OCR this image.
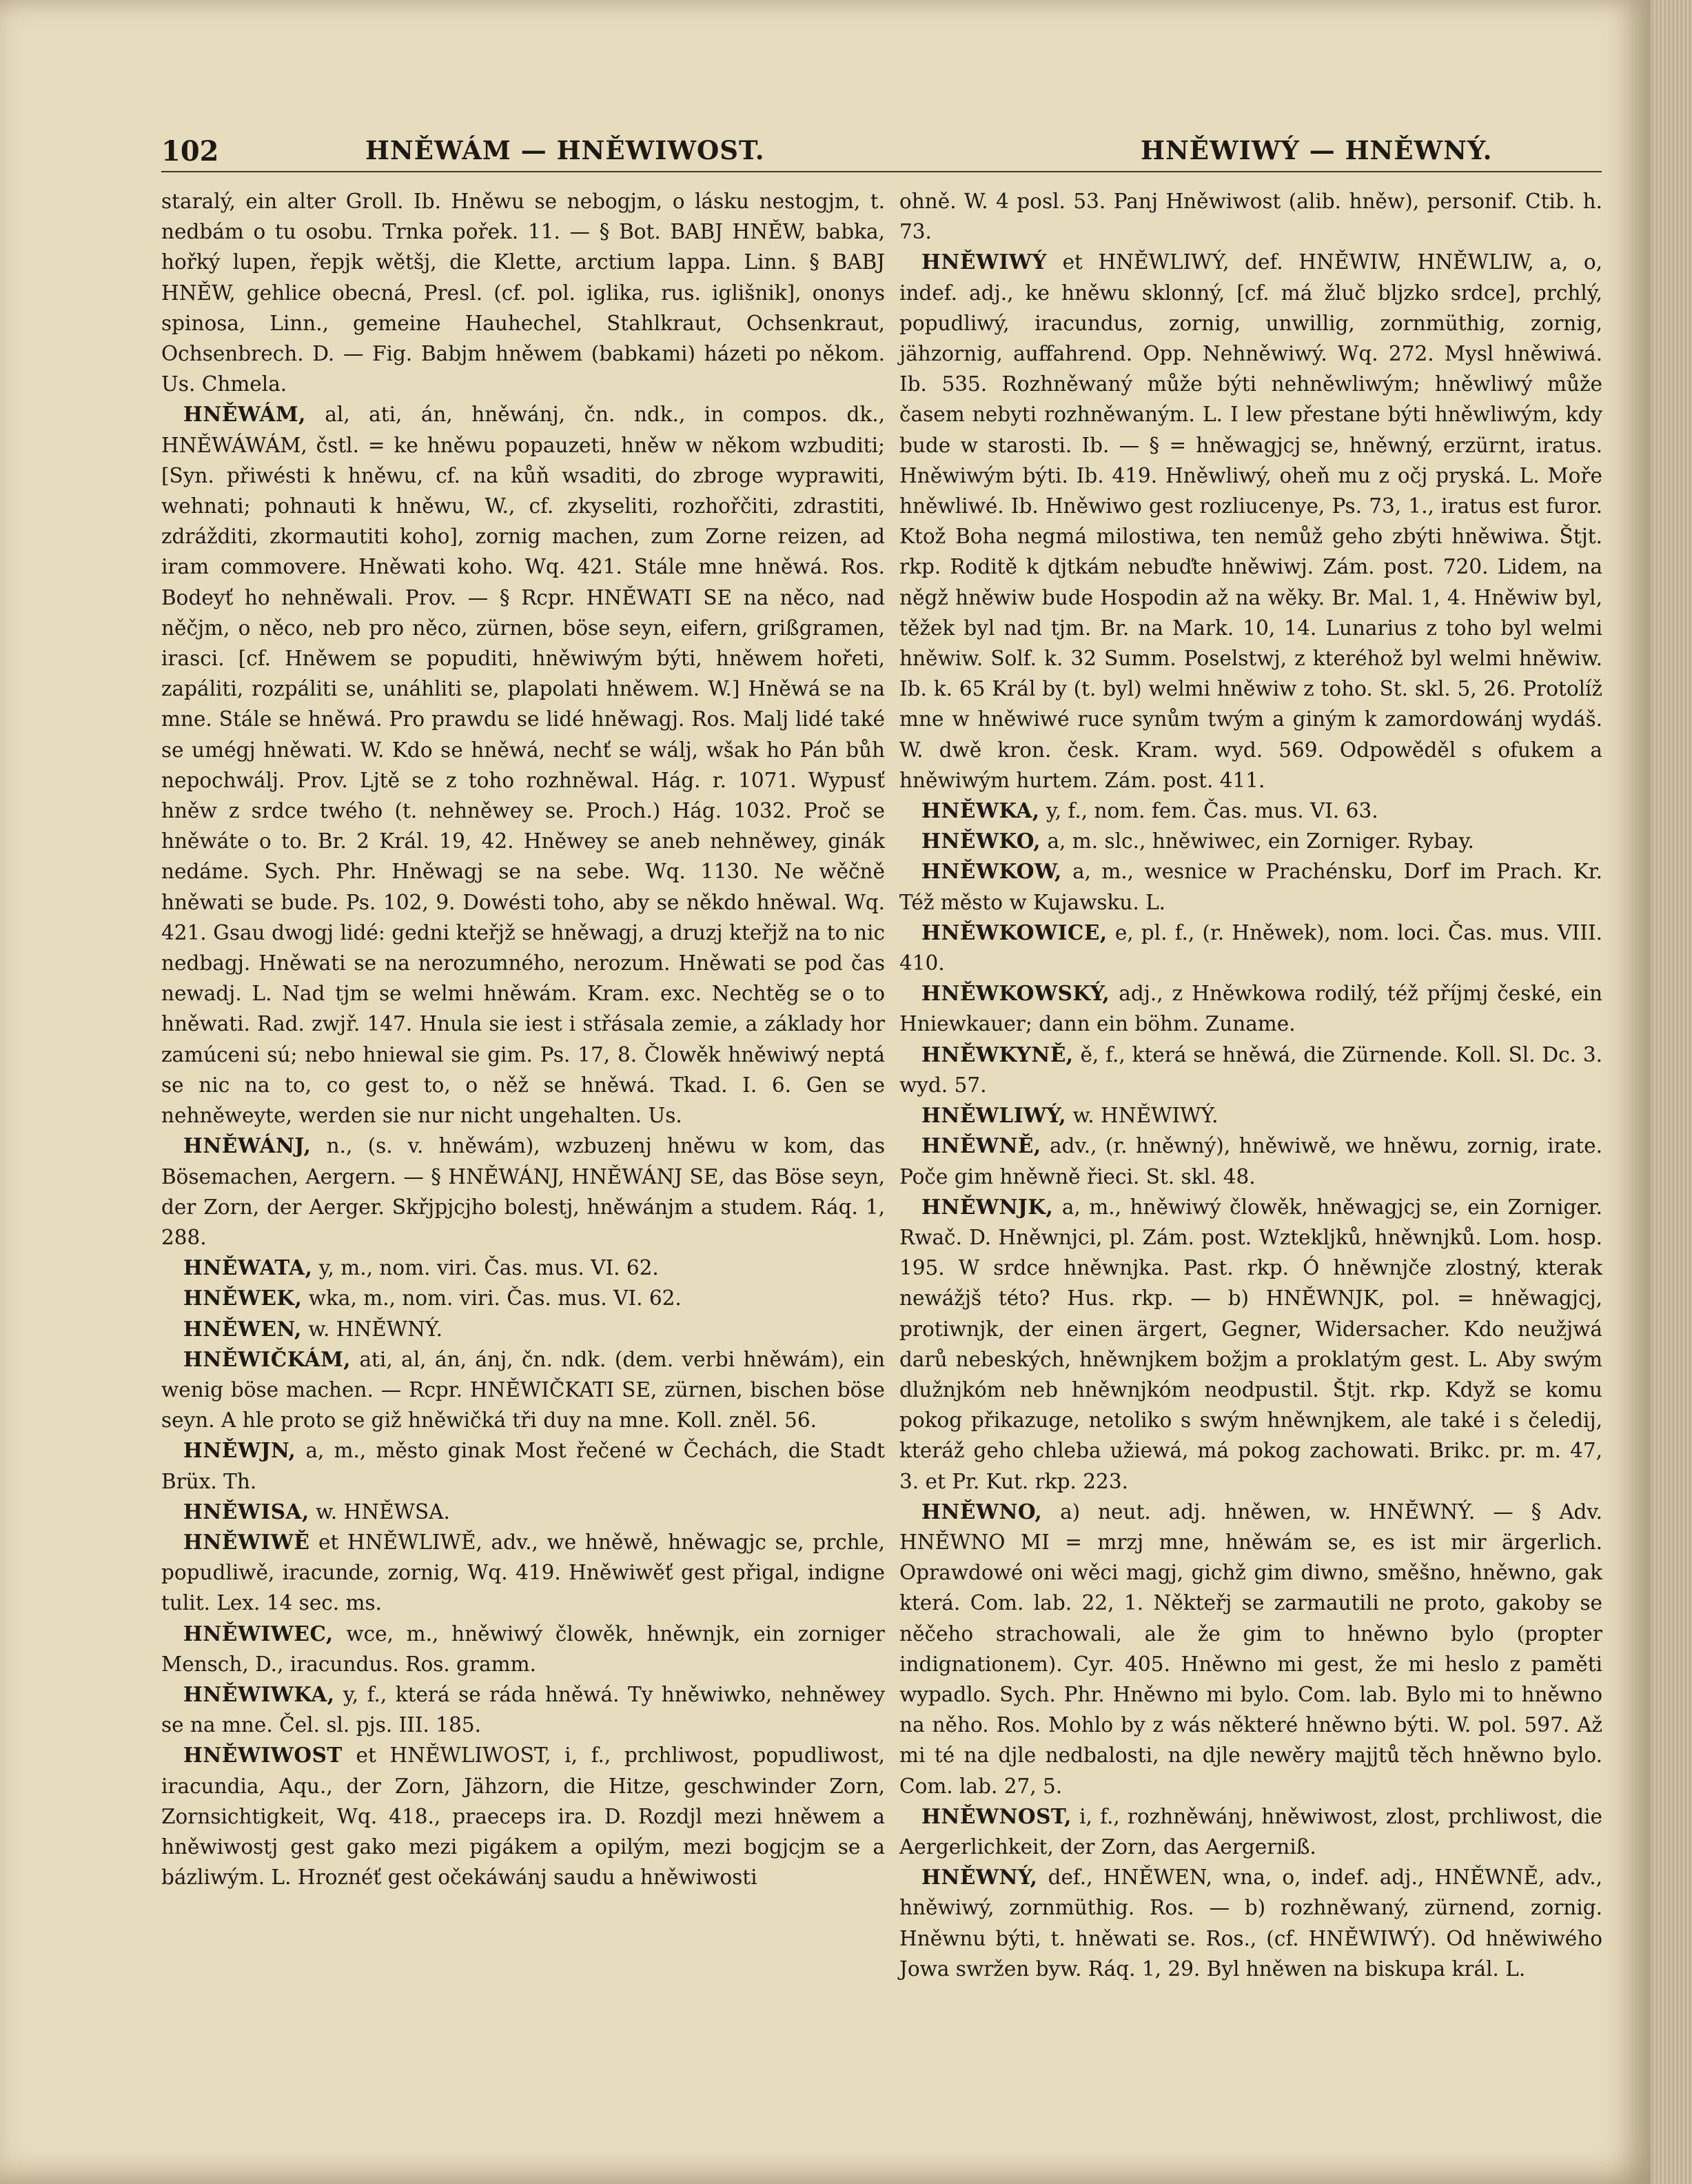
102	HNĚWÁM — HNĚWIWOST.	HNĚWIWÝ — HNĚWNÝ.

staralý, ein alter Groll. Ib. Hněwu se nebogjm, o lásku nestogjm, t. nedbám o tu osobu. Trnka pořek. 11. — § Bot. BABJ HNĚW, babka, hořký lupen, řepjk wětšj, die Klette, arctium lappa. Linn. § BABJ HNĚW, gehlice obecná, Presl. (cf. pol. iglika, rus. iglišnik], ononys spinosa, Linn., gemeine Hauhechel, Stahlkraut, Ochsenkraut, Ochsenbrech. D. — Fig. Babjm hněwem (babkami) házeti po někom. Us. Chmela.

HNĚWÁM, al, ati, án, hněwánj, čn. ndk., in compos. dk., HNĚWÁWÁM, čstl. = ke hněwu popauzeti, hněw w někom wzbuditi; [Syn. přiwésti k hněwu, cf. na kůň wsaditi, do zbroge wyprawiti, wehnati; pohnauti k hněwu, W., cf. zkyseliti, rozhořčiti, zdrastiti, zdrážditi, zkormautiti koho], zornig machen, zum Zorne reizen, ad iram commovere. Hněwati koho. Wq. 421. Stále mne hněwá. Ros. Bodeyť ho nehněwali. Prov. — § Rcpr. HNĚWATI SE na něco, nad něčjm, o něco, neb pro něco, zürnen, böse seyn, eifern, grißgramen, irasci. [cf. Hněwem se popuditi, hněwiwým býti, hněwem hořeti, zapáliti, rozpáliti se, unáhliti se, plapolati hněwem. W.] Hněwá se na mne. Stále se hněwá. Pro prawdu se lidé hněwagj. Ros. Malj lidé také se umégj hněwati. W. Kdo se hněwá, nechť se wálj, wšak ho Pán bůh nepochwálj. Prov. Ljtě se z toho rozhněwal. Hág. r. 1071. Wypusť hněw z srdce twého (t. nehněwey se. Proch.) Hág. 1032. Proč se hněwáte o to. Br. 2 Král. 19, 42. Hněwey se aneb nehněwey, ginák nedáme. Sych. Phr. Hněwagj se na sebe. Wq. 1130. Ne wěčně hněwati se bude. Ps. 102, 9. Dowésti toho, aby se někdo hněwal. Wq. 421. Gsau dwogj lidé: gedni kteřjž se hněwagj, a druzj kteřjž na to nic nedbagj. Hněwati se na nerozumného, nerozum. Hněwati se pod čas newadj. L. Nad tjm se welmi hněwám. Kram. exc. Nechtěg se o to hněwati. Rad. zwjř. 147. Hnula sie iest i střásala zemie, a základy hor zamúceni sú; nebo hniewal sie gim. Ps. 17, 8. Člowěk hněwiwý neptá se nic na to, co gest to, o něž se hněwá. Tkad. I. 6. Gen se nehněweyte, werden sie nur nicht ungehalten. Us.

HNĚWÁNJ, n., (s. v. hněwám), wzbuzenj hněwu w kom, das Bösemachen, Aergern. — § HNĚWÁNJ, HNĚWÁNJ SE, das Böse seyn, der Zorn, der Aerger. Skřjpjcjho bolestj, hněwánjm a studem. Ráq. 1, 288.

HNĚWATA, y, m., nom. viri. Čas. mus. VI. 62.

HNĚWEK, wka, m., nom. viri. Čas. mus. VI. 62.

HNĚWEN, w. HNĚWNÝ.

HNĚWIČKÁM, ati, al, án, ánj, čn. ndk. (dem. verbi hněwám), ein wenig böse machen. — Rcpr. HNĚWIČKATI SE, zürnen, bischen böse seyn. A hle proto se giž hněwičká tři duy na mne. Koll. zněl. 56.

HNĚWJN, a, m., město ginak Most řečené w Čechách, die Stadt Brüx. Th.

HNĚWISA, w. HNĚWSA.

HNĚWIWĚ et HNĚWLIWĚ, adv., we hněwě, hněwagjc se, prchle, popudliwě, iracunde, zornig, Wq. 419. Hněwiwěť gest přigal, indigne tulit. Lex. 14 sec. ms.

HNĚWIWEC, wce, m., hněwiwý člowěk, hněwnjk, ein zorniger Mensch, D., iracundus. Ros. gramm.

HNĚWIWKA, y, f., která se ráda hněwá. Ty hněwiwko, nehněwey se na mne. Čel. sl. pjs. III. 185.

HNĚWIWOST et HNĚWLIWOST, i, f., prchliwost, popudliwost, iracundia, Aqu., der Zorn, Jähzorn, die Hitze, geschwinder Zorn, Zornsichtigkeit, Wq. 418., praeceps ira. D. Rozdjl mezi hněwem a hněwiwostj gest gako mezi pigákem a opilým, mezi bogjcjm se a bázliwým. L. Hroznéť gest očekáwánj saudu a hněwiwosti

ohně. W. 4 posl. 53. Panj Hněwiwost (alib. hněw), personif. Ctib. h. 73.

HNĚWIWÝ et HNĚWLIWÝ, def. HNĚWIW, HNĚWLIW, a, o, indef. adj., ke hněwu sklonný, [cf. má žluč blјzko srdce], prchlý, popudliwý, iracundus, zornig, unwillig, zornmüthig, zornig, jähzornig, auffahrend. Opp. Nehněwiwý. Wq. 272. Mysl hněwiwá. Ib. 535. Rozhněwaný může býti nehněwliwým; hněwliwý může časem nebyti rozhněwaným. L. I lew přestane býti hněwliwým, kdy bude w starosti. Ib. — § = hněwagjcj se, hněwný, erzürnt, iratus. Hněwiwým býti. Ib. 419. Hněwliwý, oheň mu z očj pryská. L. Moře hněwliwé. Ib. Hněwiwo gest rozliucenye, Ps. 73, 1., iratus est furor. Ktož Boha negmá milostiwa, ten nemůž geho zbýti hněwiwa. Štjt. rkp. Roditě k djtkám nebuďte hněwiwj. Zám. post. 720. Lidem, na něgž hněwiw bude Hospodin až na wěky. Br. Mal. 1, 4. Hněwiw byl, těžek byl nad tjm. Br. na Mark. 10, 14. Lunarius z toho byl welmi hněwiw. Solf. k. 32 Summ. Poselstwj, z kteréhož byl welmi hněwiw. Ib. k. 65 Král by (t. byl) welmi hněwiw z toho. St. skl. 5, 26. Protolíž mne w hněwiwé ruce synům twým a giným k zamordowánj wydáš. W. dwě kron. česk. Kram. wyd. 569. Odpowěděl s ofukem a hněwiwým hurtem. Zám. post. 411.

HNĚWKA, y, f., nom. fem. Čas. mus. VI. 63.

HNĚWKO, a, m. slc., hněwiwec, ein Zorniger. Rybay.

HNĚWKOW, a, m., wesnice w Prachénsku, Dorf im Prach. Kr. Též město w Kujawsku. L.

HNĚWKOWICE, e, pl. f., (r. Hněwek), nom. loci. Čas. mus. VIII. 410.

HNĚWKOWSKÝ, adj., z Hněwkowa rodilý, též příjmj české, ein Hniewkauer; dann ein böhm. Zuname.

HNĚWKYNĚ, ě, f., která se hněwá, die Zürnende. Koll. Sl. Dc. 3. wyd. 57.

HNĚWLIWÝ, w. HNĚWIWÝ.

HNĚWNĚ, adv., (r. hněwný), hněwiwě, we hněwu, zornig, irate. Poče gim hněwně řieci. St. skl. 48.

HNĚWNJK, a, m., hněwiwý člowěk, hněwagjcj se, ein Zorniger. Rwač. D. Hněwnjci, pl. Zám. post. Wzteklјků, hněwnjků. Lom. hosp. 195. W srdce hněwnjka. Past. rkp. Ó hněwnjče zlostný, kterak newážjš této? Hus. rkp. — b) HNĚWNJK, pol. = hněwagjcj, protiwnjk, der einen ärgert, Gegner, Widersacher. Kdo neužjwá darů nebeských, hněwnjkem božjm a proklatým gest. L. Aby swým dlužnjkóm neb hněwnjkóm neodpustil. Štjt. rkp. Když se komu pokog přikazuge, netoliko s swým hněwnjkem, ale také i s čeledij, kteráž geho chleba užiewá, má pokog zachowati. Brikc. pr. m. 47, 3. et Pr. Kut. rkp. 223.

HNĚWNO, a) neut. adj. hněwen, w. HNĚWNÝ. — § Adv. HNĚWNO MI = mrzj mne, hněwám se, es ist mir ärgerlich. Oprawdowé oni wěci magj, gichž gim diwno, směšno, hněwno, gak která. Com. lab. 22, 1. Někteřj se zarmautili ne proto, gakoby se něčeho strachowali, ale že gim to hněwno bylo (propter indignationem). Cyr. 405. Hněwno mi gest, že mi heslo z paměti wypadlo. Sych. Phr. Hněwno mi bylo. Com. lab. Bylo mi to hněwno na něho. Ros. Mohlo by z wás některé hněwno býti. W. pol. 597. Až mi té na djle nedbalosti, na djle newěry majjtů těch hněwno bylo. Com. lab. 27, 5.

HNĚWNOST, i, f., rozhněwánj, hněwiwost, zlost, prchliwost, die Aergerlichkeit, der Zorn, das Aergerniß.

HNĚWNÝ, def., HNĚWEN, wna, o, indef. adj., HNĚWNĚ, adv., hněwiwý, zornmüthig. Ros. — b) rozhněwaný, zürnend, zornig. Hněwnu býti, t. hněwati se. Ros., (cf. HNĚWIWÝ). Od hněwiwého Jowa swržen byw. Ráq. 1, 29. Byl hněwen na biskupa král. L.
